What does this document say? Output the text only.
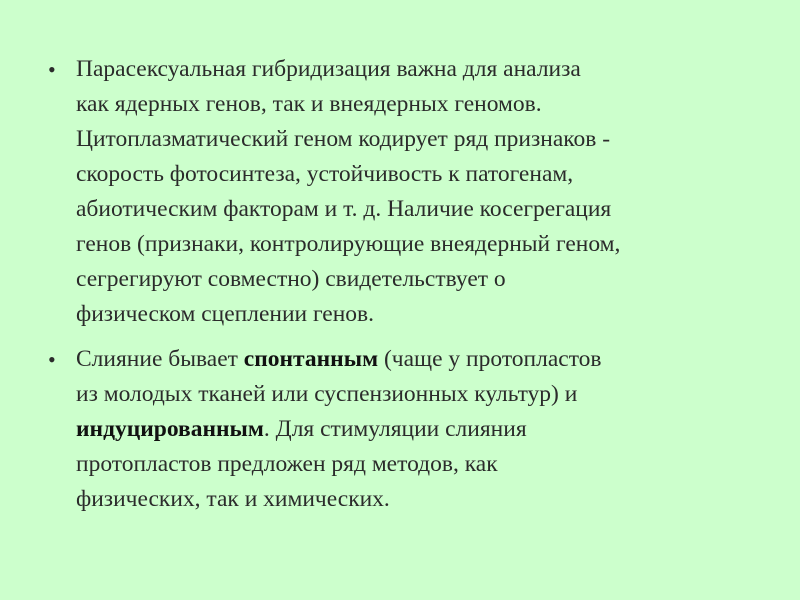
• Парасексуальная гибридизация важна для анализа
как ядерных генов, так и внеядерных геномов.
Цитоплазматический геном кодирует ряд признаков -
скорость фотосинтеза, устойчивость к патогенам,
абиотическим факторам и т. д. Наличие косегрегация
генов (признаки, контролирующие внеядерный геном,
сегрегируют совместно) свидетельствует о
физическом сцеплении генов.
• Слияние бывает спонтанным (чаще у протопластов
из молодых тканей или суспензионных культур) и
индуцированным. Для стимуляции слияния
протопластов предложен ряд методов, как
физических, так и химических.
